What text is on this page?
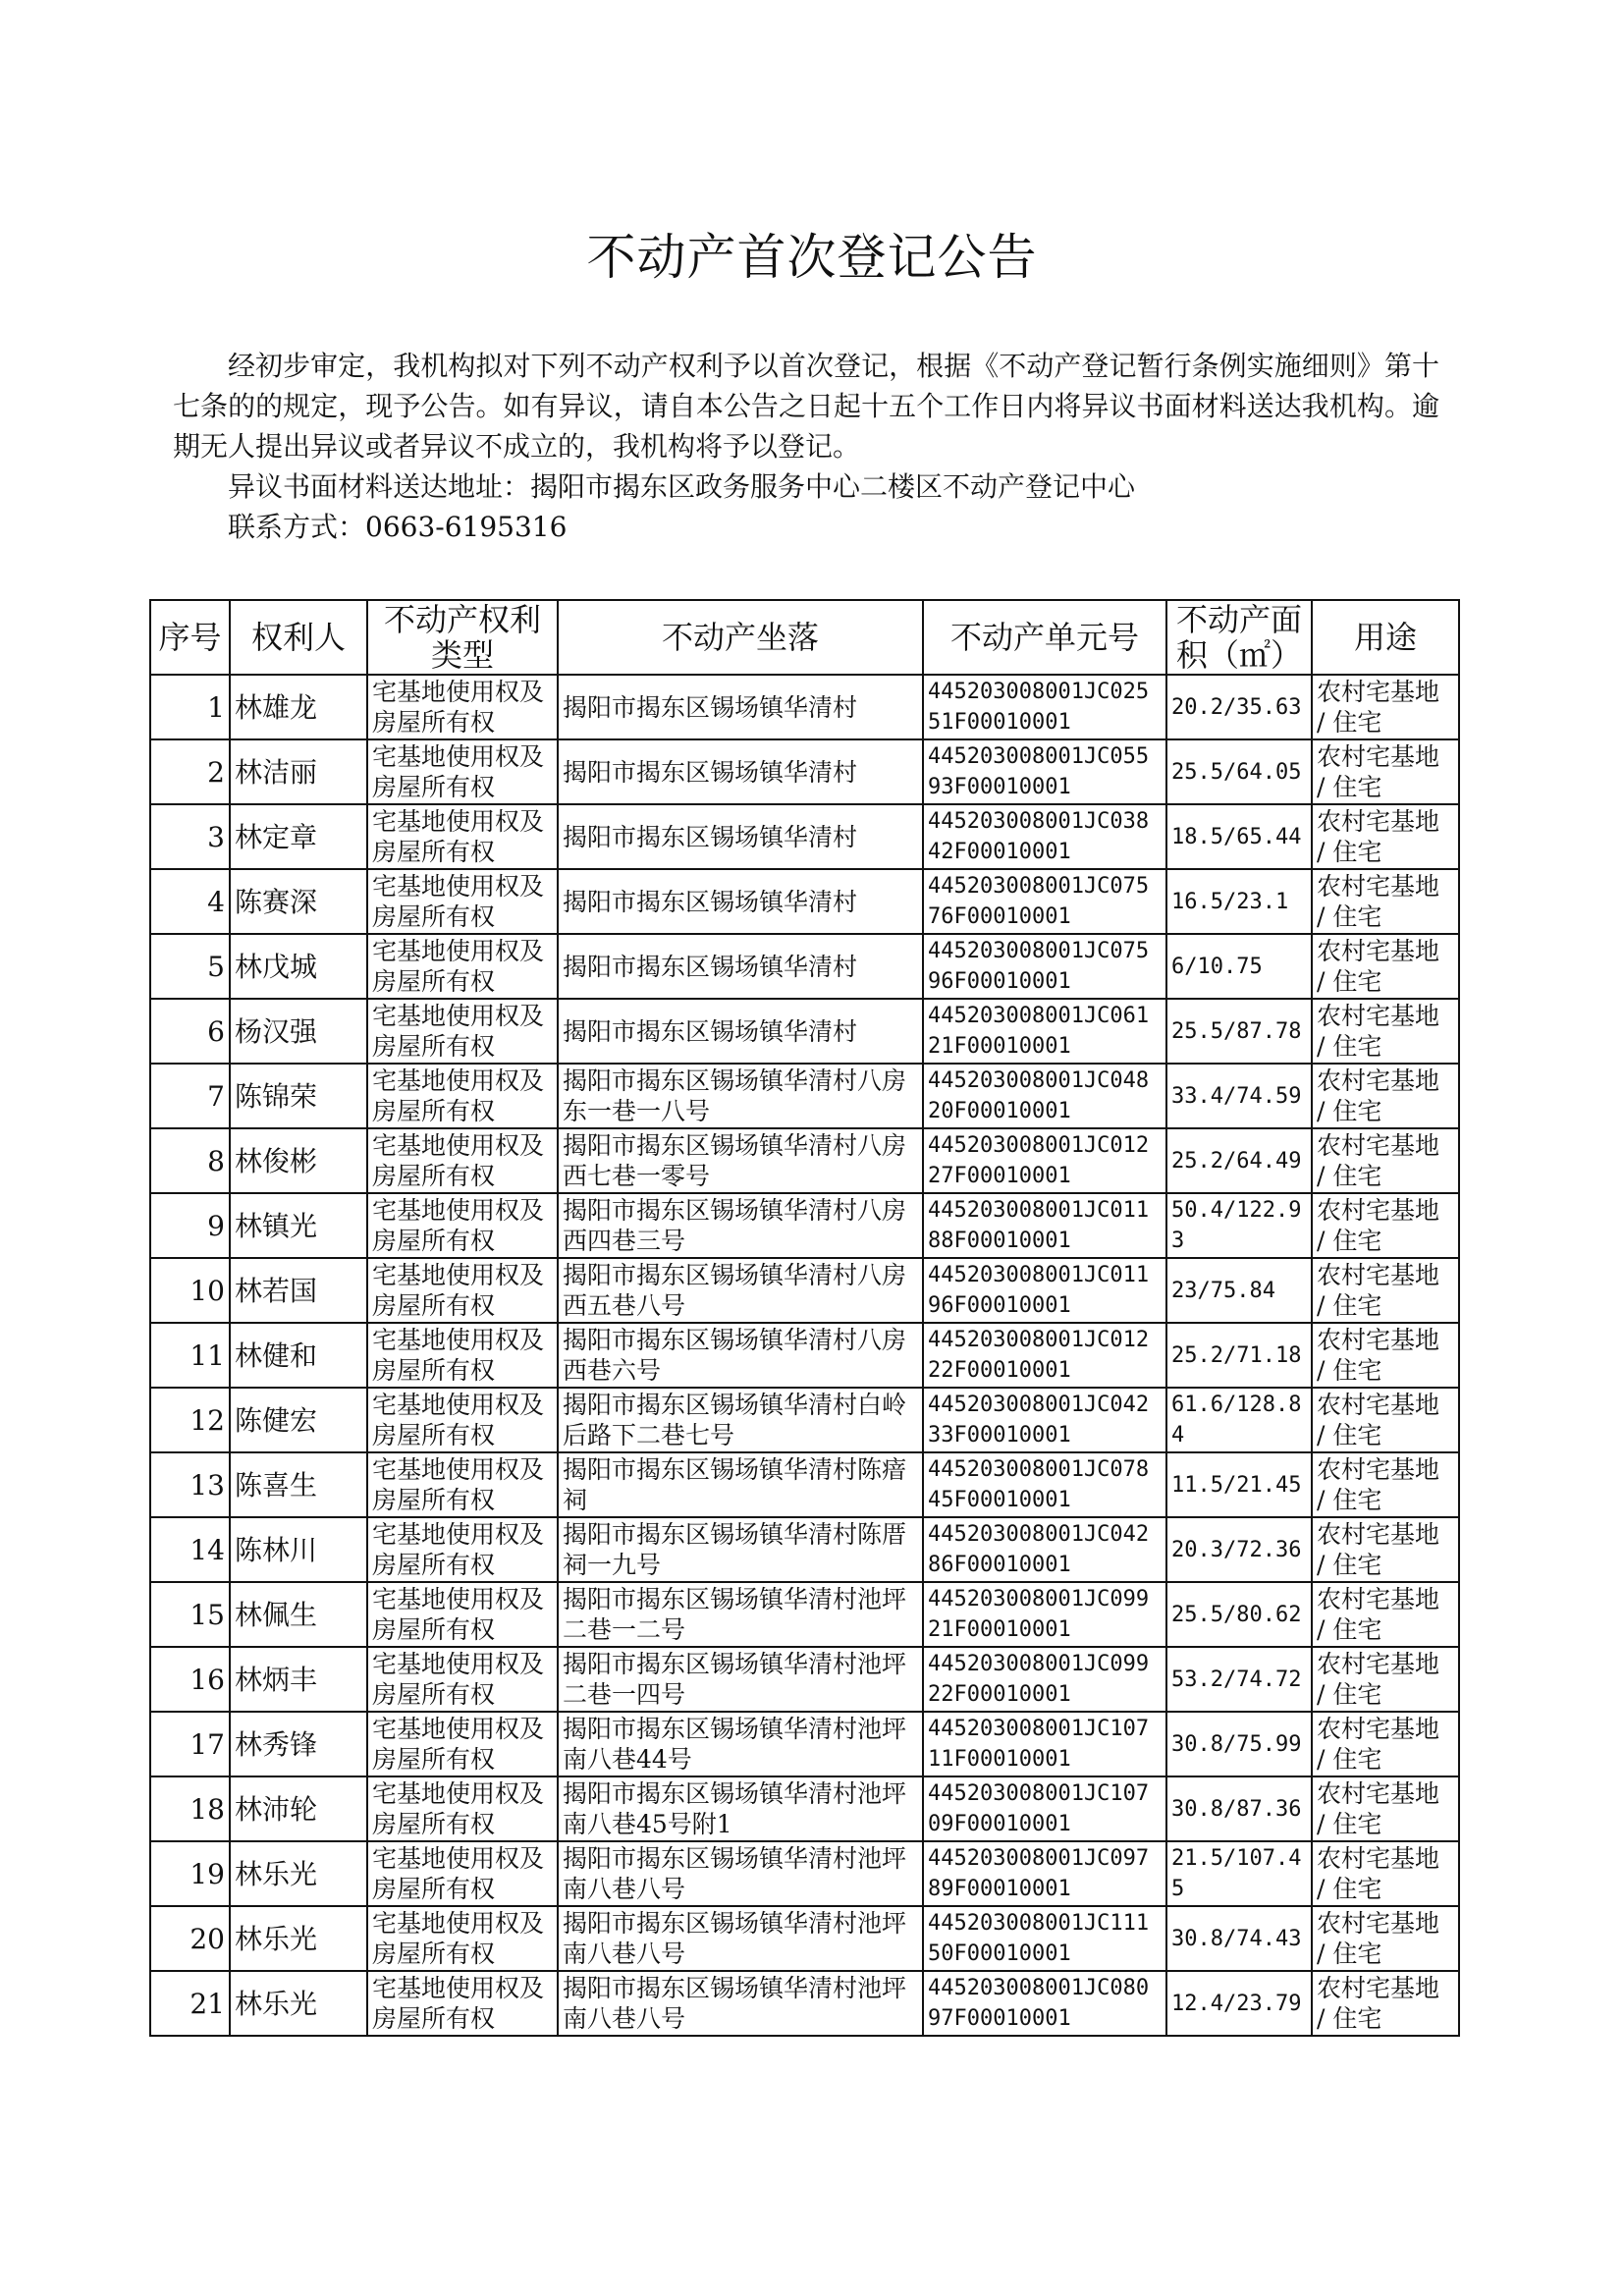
不动产首次登记公告

经初步审定，我机构拟对下列不动产权利予以首次登记，根据《不动产登记暂行条例实施细则》第十七条的的规定，现予公告。如有异议，请自本公告之日起十五个工作日内将异议书面材料送达我机构。逾期无人提出异议或者异议不成立的，我机构将予以登记。

异议书面材料送达地址：揭阳市揭东区政务服务中心二楼区不动产登记中心
联系方式：0663-6195316
序号	权利人	不动产权利类型	不动产坐落	不动产单元号	不动产面积（㎡）	用途
1	林雄龙	宅基地使用权及房屋所有权	揭阳市揭东区锡场镇华清村	445203008001JC02551F00010001	20.2/35.63	农村宅基地 / 住宅
2	林洁丽	宅基地使用权及房屋所有权	揭阳市揭东区锡场镇华清村	445203008001JC05593F00010001	25.5/64.05	农村宅基地 / 住宅
3	林定章	宅基地使用权及房屋所有权	揭阳市揭东区锡场镇华清村	445203008001JC03842F00010001	18.5/65.44	农村宅基地 / 住宅
4	陈赛深	宅基地使用权及房屋所有权	揭阳市揭东区锡场镇华清村	445203008001JC07576F00010001	16.5/23.1	农村宅基地 / 住宅
5	林戊城	宅基地使用权及房屋所有权	揭阳市揭东区锡场镇华清村	445203008001JC07596F00010001	6/10.75	农村宅基地 / 住宅
6	杨汉强	宅基地使用权及房屋所有权	揭阳市揭东区锡场镇华清村	445203008001JC06121F00010001	25.5/87.78	农村宅基地 / 住宅
7	陈锦荣	宅基地使用权及房屋所有权	揭阳市揭东区锡场镇华清村八房东一巷一八号	445203008001JC04820F00010001	33.4/74.59	农村宅基地 / 住宅
8	林俊彬	宅基地使用权及房屋所有权	揭阳市揭东区锡场镇华清村八房西七巷一零号	445203008001JC01227F00010001	25.2/64.49	农村宅基地 / 住宅
9	林镇光	宅基地使用权及房屋所有权	揭阳市揭东区锡场镇华清村八房西四巷三号	445203008001JC01188F00010001	50.4/122.93	农村宅基地 / 住宅
10	林若国	宅基地使用权及房屋所有权	揭阳市揭东区锡场镇华清村八房西五巷八号	445203008001JC01196F00010001	23/75.84	农村宅基地 / 住宅
11	林健和	宅基地使用权及房屋所有权	揭阳市揭东区锡场镇华清村八房西巷六号	445203008001JC01222F00010001	25.2/71.18	农村宅基地 / 住宅
12	陈健宏	宅基地使用权及房屋所有权	揭阳市揭东区锡场镇华清村白岭后路下二巷七号	445203008001JC04233F00010001	61.6/128.84	农村宅基地 / 住宅
13	陈喜生	宅基地使用权及房屋所有权	揭阳市揭东区锡场镇华清村陈瘖祠	445203008001JC07845F00010001	11.5/21.45	农村宅基地 / 住宅
14	陈林川	宅基地使用权及房屋所有权	揭阳市揭东区锡场镇华清村陈厝祠一九号	445203008001JC04286F00010001	20.3/72.36	农村宅基地 / 住宅
15	林佩生	宅基地使用权及房屋所有权	揭阳市揭东区锡场镇华清村池坪二巷一二号	445203008001JC09921F00010001	25.5/80.62	农村宅基地 / 住宅
16	林炳丰	宅基地使用权及房屋所有权	揭阳市揭东区锡场镇华清村池坪二巷一四号	445203008001JC09922F00010001	53.2/74.72	农村宅基地 / 住宅
17	林秀锋	宅基地使用权及房屋所有权	揭阳市揭东区锡场镇华清村池坪南八巷44号	445203008001JC10711F00010001	30.8/75.99	农村宅基地 / 住宅
18	林沛轮	宅基地使用权及房屋所有权	揭阳市揭东区锡场镇华清村池坪南八巷45号附1	445203008001JC10709F00010001	30.8/87.36	农村宅基地 / 住宅
19	林乐光	宅基地使用权及房屋所有权	揭阳市揭东区锡场镇华清村池坪南八巷八号	445203008001JC09789F00010001	21.5/107.45	农村宅基地 / 住宅
20	林乐光	宅基地使用权及房屋所有权	揭阳市揭东区锡场镇华清村池坪南八巷八号	445203008001JC11150F00010001	30.8/74.43	农村宅基地 / 住宅
21	林乐光	宅基地使用权及房屋所有权	揭阳市揭东区锡场镇华清村池坪南八巷八号	445203008001JC08097F00010001	12.4/23.79	农村宅基地 / 住宅
